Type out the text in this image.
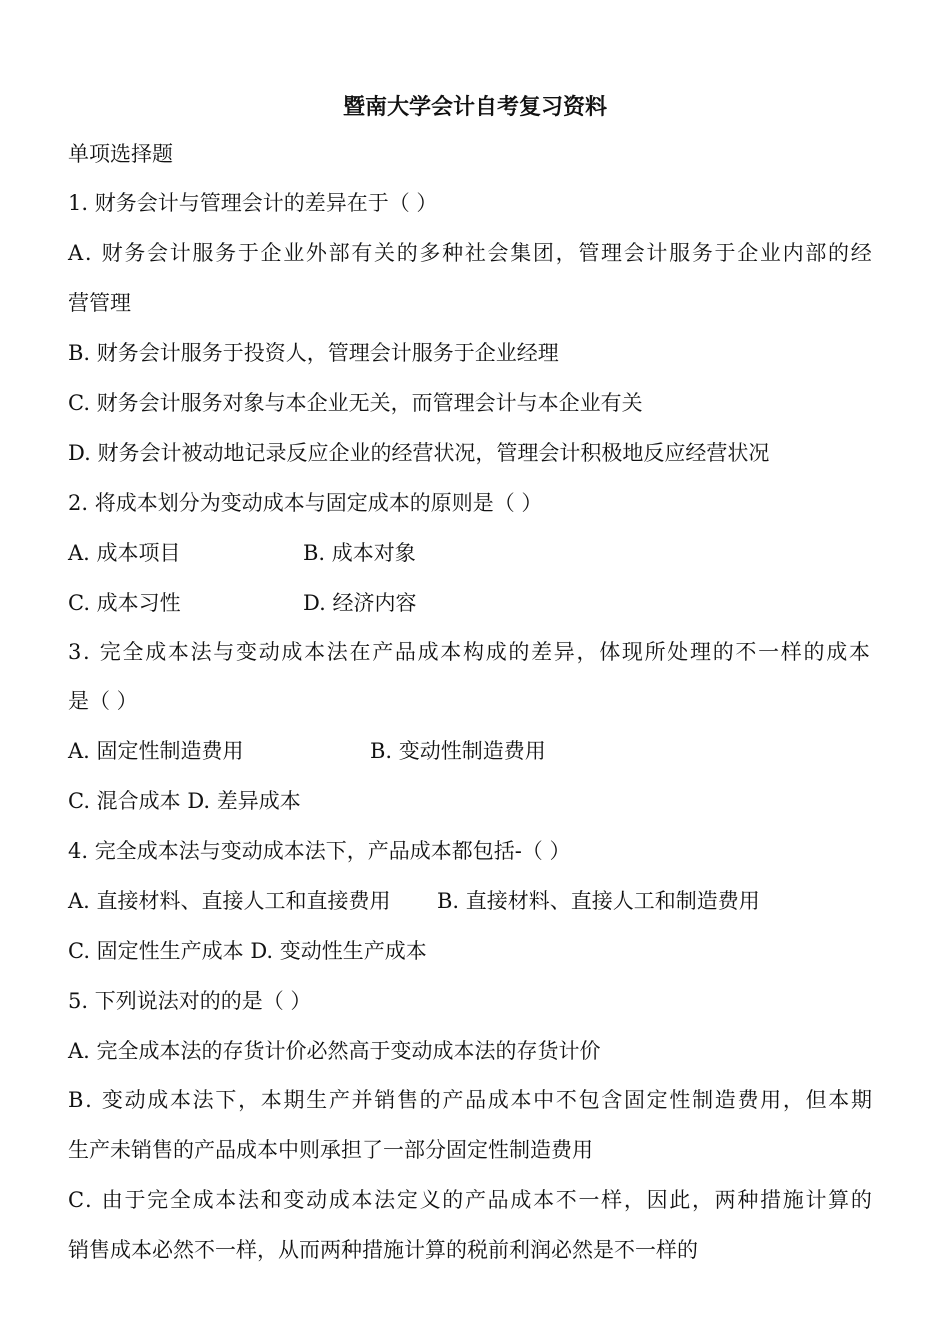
暨南大学会计自考复习资料
单项选择题
1. 财务会计与管理会计的差异在于（ ）
A. 财务会计服务于企业外部有关的多种社会集团，管理会计服务于企业内部的经
营管理
B. 财务会计服务于投资人，管理会计服务于企业经理
C. 财务会计服务对象与本企业无关，而管理会计与本企业有关
D. 财务会计被动地记录反应企业的经营状况，管理会计积极地反应经营状况
2. 将成本划分为变动成本与固定成本的原则是（ ）
A. 成本项目	B. 成本对象
C. 成本习性	D. 经济内容
3. 完全成本法与变动成本法在产品成本构成的差异，体现所处理的不一样的成本
是（ ）
A. 固定性制造费用	B. 变动性制造费用
C. 混合成本 D. 差异成本
4. 完全成本法与变动成本法下，产品成本都包括-（ ）
A. 直接材料、直接人工和直接费用 B. 直接材料、直接人工和制造费用
C. 固定性生产成本 D. 变动性生产成本
5. 下列说法对的的是（ ）
A. 完全成本法的存货计价必然高于变动成本法的存货计价
B. 变动成本法下，本期生产并销售的产品成本中不包含固定性制造费用，但本期
生产未销售的产品成本中则承担了一部分固定性制造费用
C. 由于完全成本法和变动成本法定义的产品成本不一样，因此，两种措施计算的
销售成本必然不一样，从而两种措施计算的税前利润必然是不一样的
